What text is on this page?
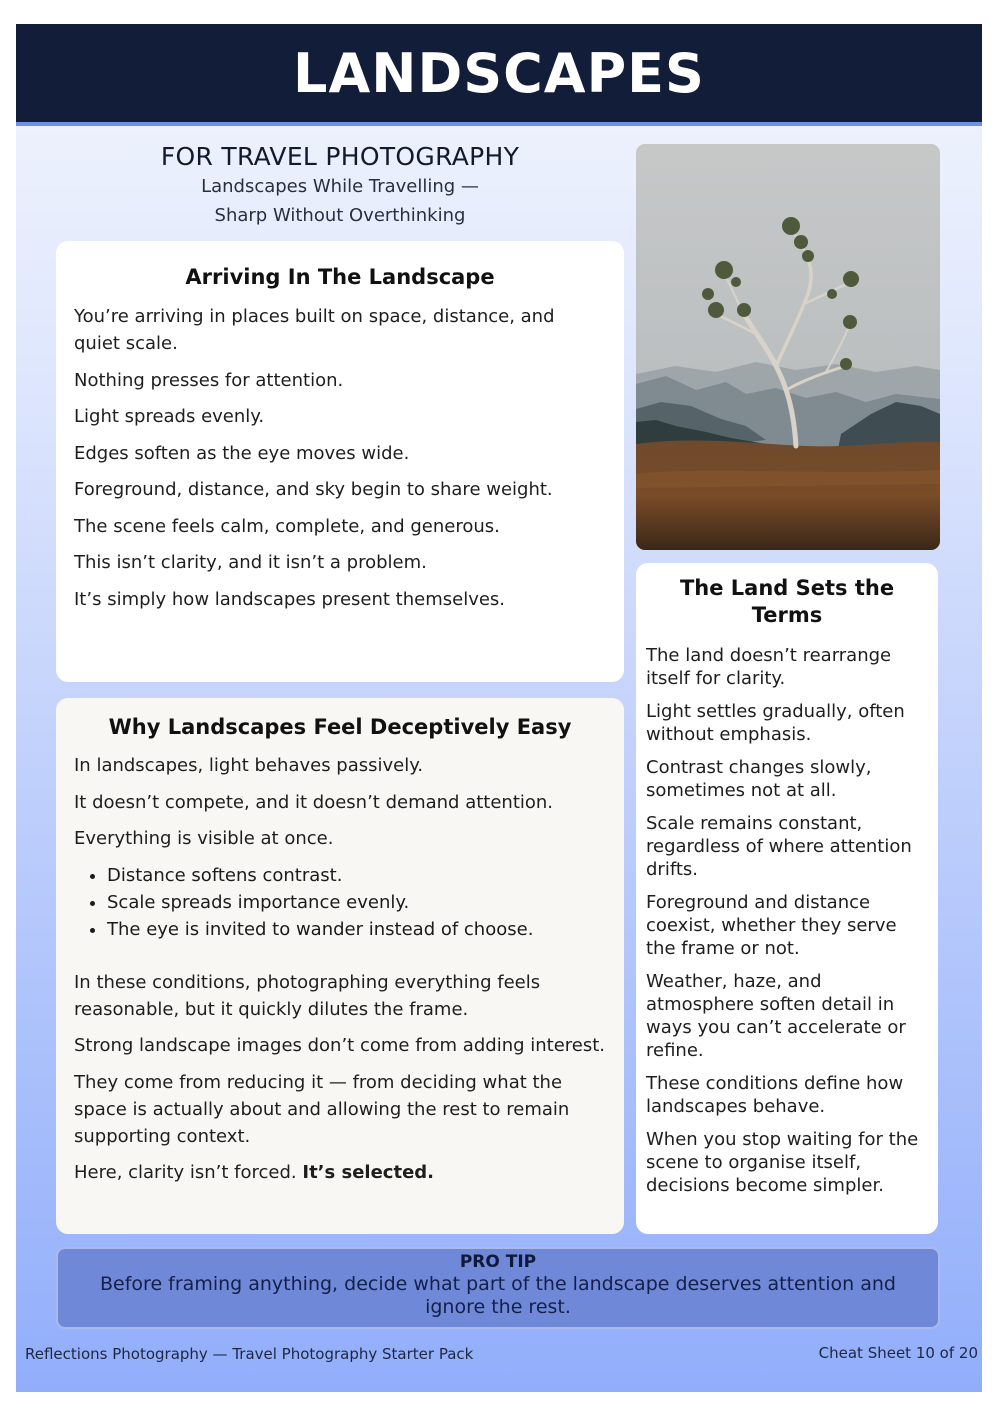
LANDSCAPES
FOR TRAVEL PHOTOGRAPHY
Landscapes While Travelling —
Sharp Without Overthinking
Arriving In The Landscape

You’re arriving in places built on space, distance, and quiet scale.

Nothing presses for attention.

Light spreads evenly.

Edges soften as the eye moves wide.

Foreground, distance, and sky begin to share weight.

The scene feels calm, complete, and generous.

This isn’t clarity, and it isn’t a problem.

It’s simply how landscapes present themselves.

Why Landscapes Feel Deceptively Easy

In landscapes, light behaves passively.

It doesn’t compete, and it doesn’t demand attention.

Everything is visible at once.

• Distance softens contrast.
• Scale spreads importance evenly.
• The eye is invited to wander instead of choose.

In these conditions, photographing everything feels reasonable, but it quickly dilutes the frame.

Strong landscape images don’t come from adding interest.

They come from reducing it — from deciding what the space is actually about and allowing the rest to remain supporting context.

Here, clarity isn’t forced. It’s selected.

The Land Sets the Terms

The land doesn’t rearrange itself for clarity.

Light settles gradually, often without emphasis.

Contrast changes slowly, sometimes not at all.

Scale remains constant, regardless of where attention drifts.

Foreground and distance coexist, whether they serve the frame or not.

Weather, haze, and atmosphere soften detail in ways you can’t accelerate or refine.

These conditions define how landscapes behave.

When you stop waiting for the scene to organise itself, decisions become simpler.

PRO TIP
Before framing anything, decide what part of the landscape deserves attention and ignore the rest.
Reflections Photography — Travel Photography Starter Pack	Cheat Sheet 10 of 20
